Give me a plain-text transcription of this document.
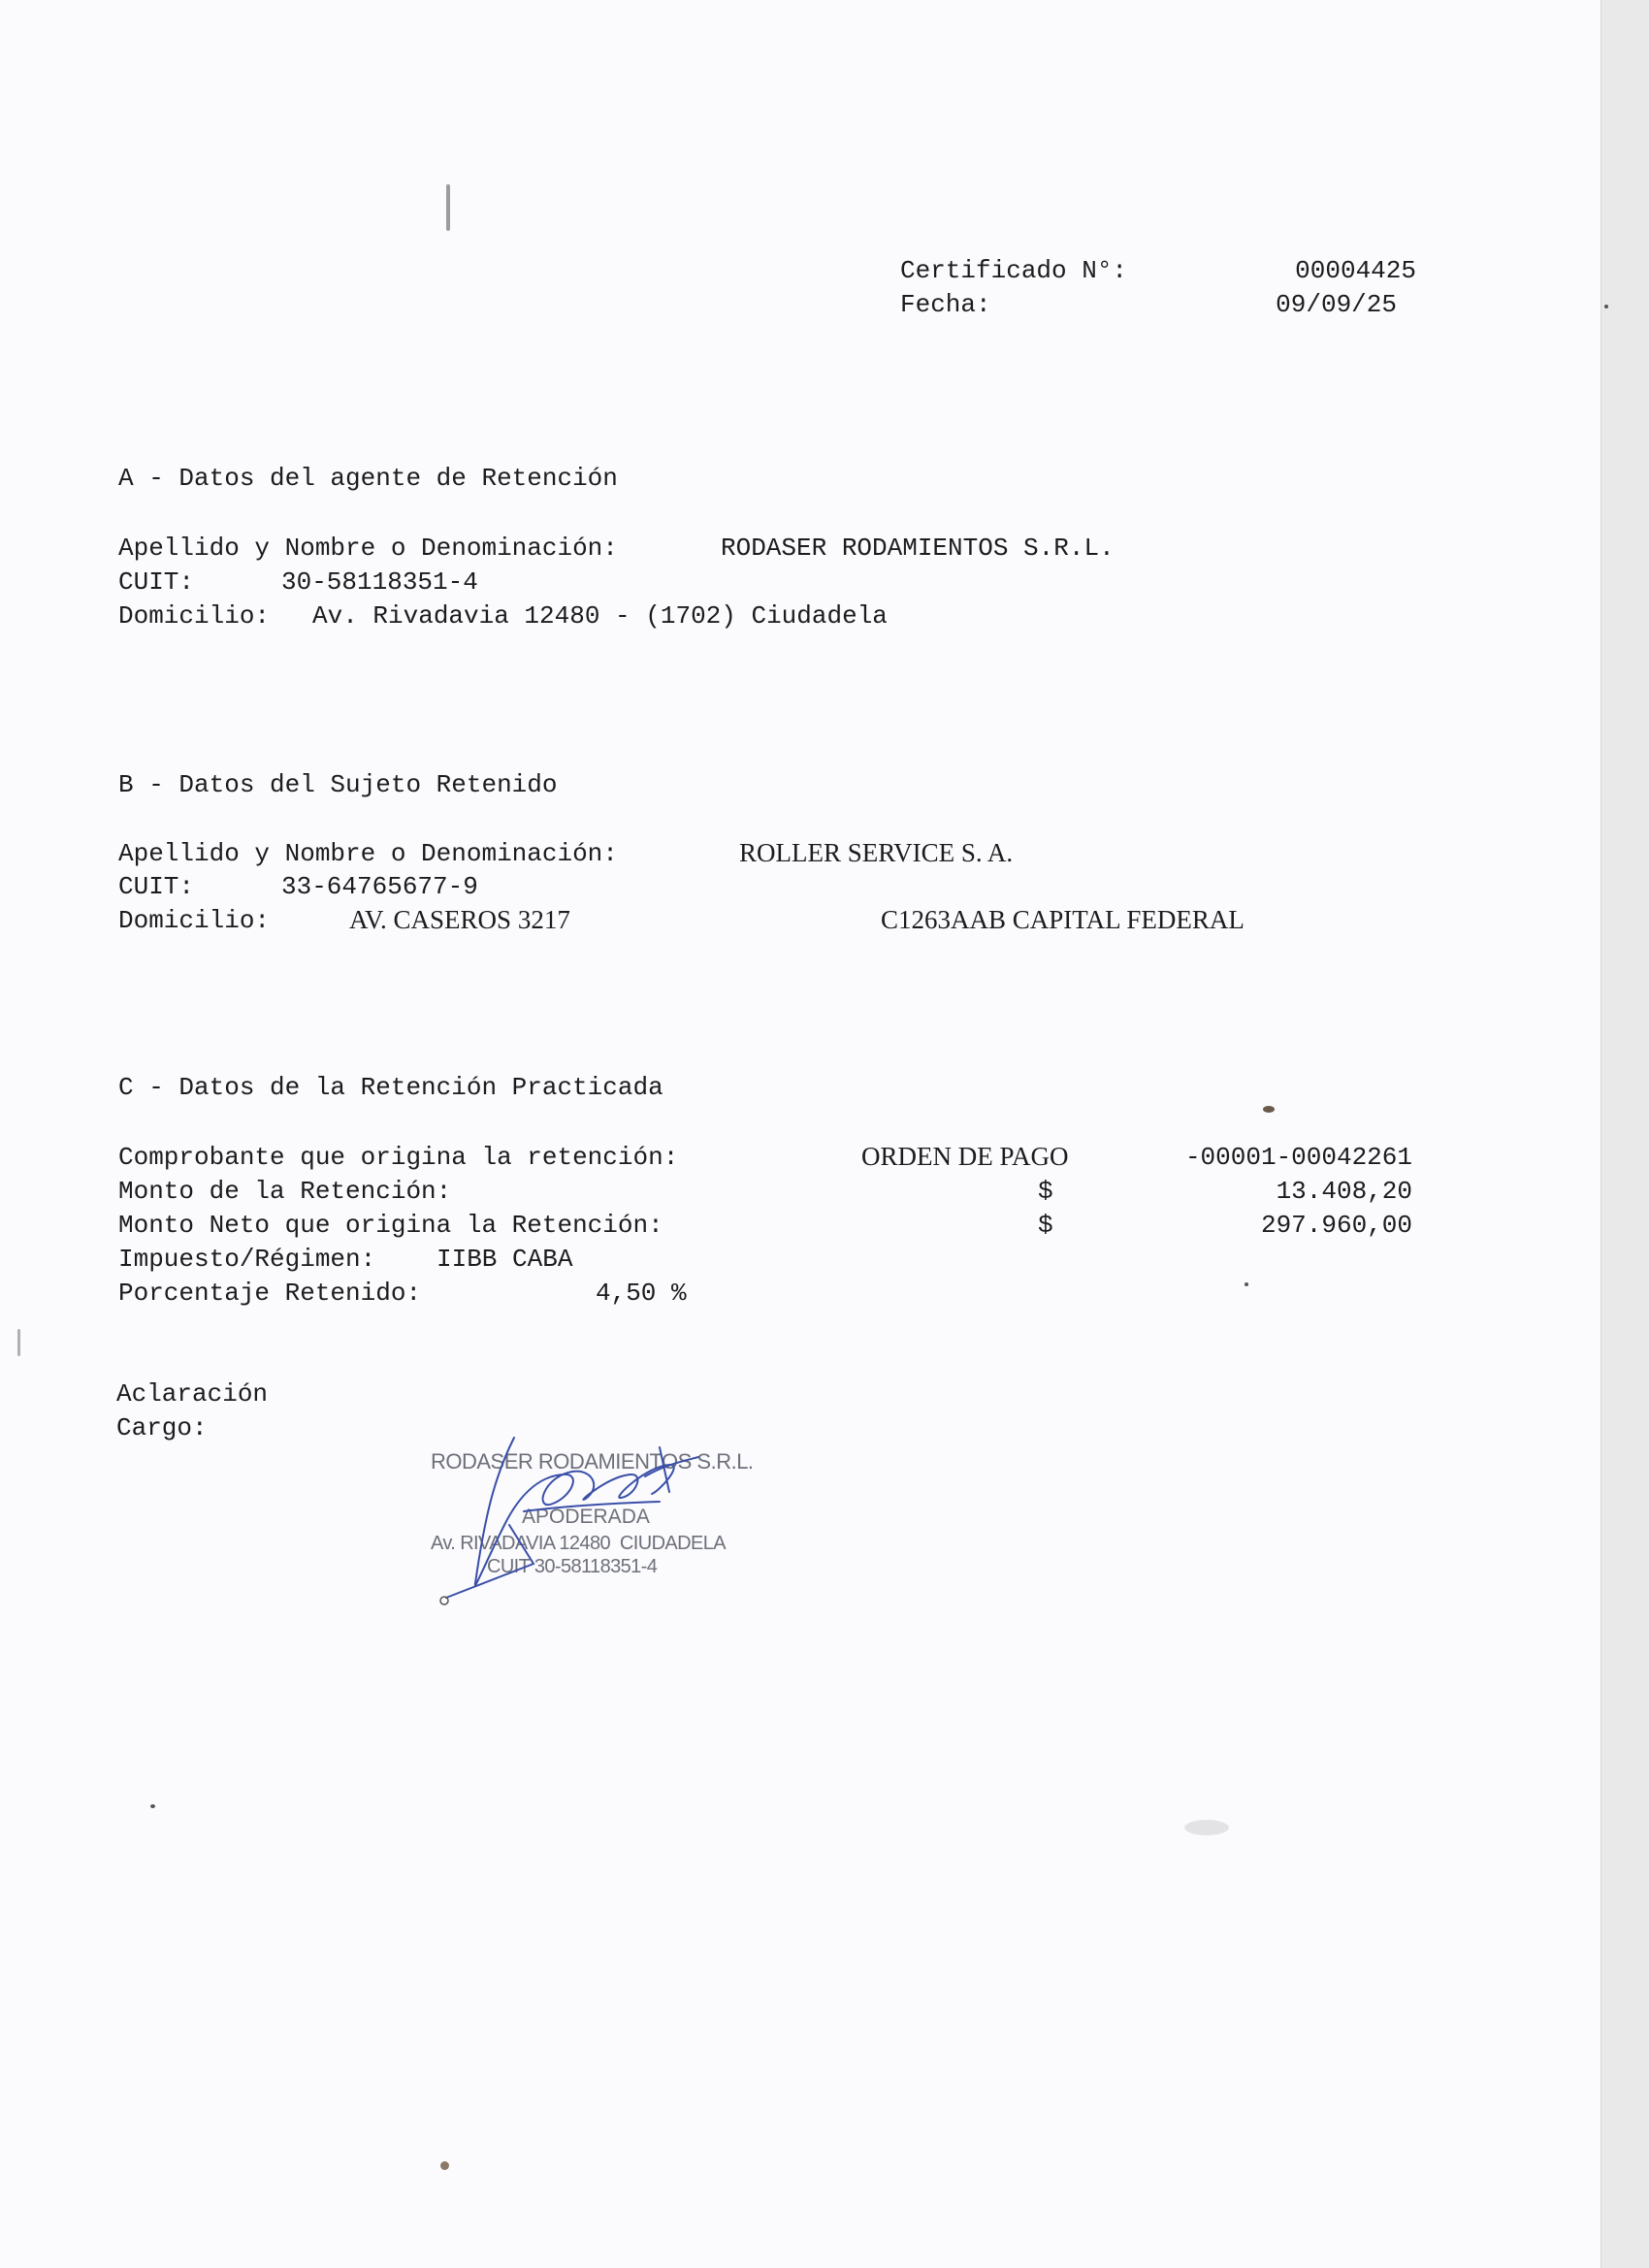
Certificado N°:	00004425
Fecha:	09/09/25
A - Datos del agente de Retención
Apellido y Nombre o Denominación:	RODASER RODAMIENTOS S.R.L.
CUIT:	30-58118351-4
Domicilio: Av. Rivadavia 12480 - (1702) Ciudadela
B - Datos del Sujeto Retenido
Apellido y Nombre o Denominación:	ROLLER SERVICE S. A.
CUIT:	33-64765677-9
Domicilio:	AV. CASEROS 3217	C1263AAB CAPITAL FEDERAL
C - Datos de la Retención Practicada
Comprobante que origina la retención:	ORDEN DE PAGO	-00001-00042261
Monto de la Retención:	$	13.408,20
Monto Neto que origina la Retención:	$	297.960,00
Impuesto/Régimen: IIBB CABA
Porcentaje Retenido:	4,50 %
Aclaración
Cargo:
RODASER RODAMIENTOS S.R.L.
APODERADA
Av. RIVADAVIA 12480  CIUDADELA
CUIT 30-58118351-4
